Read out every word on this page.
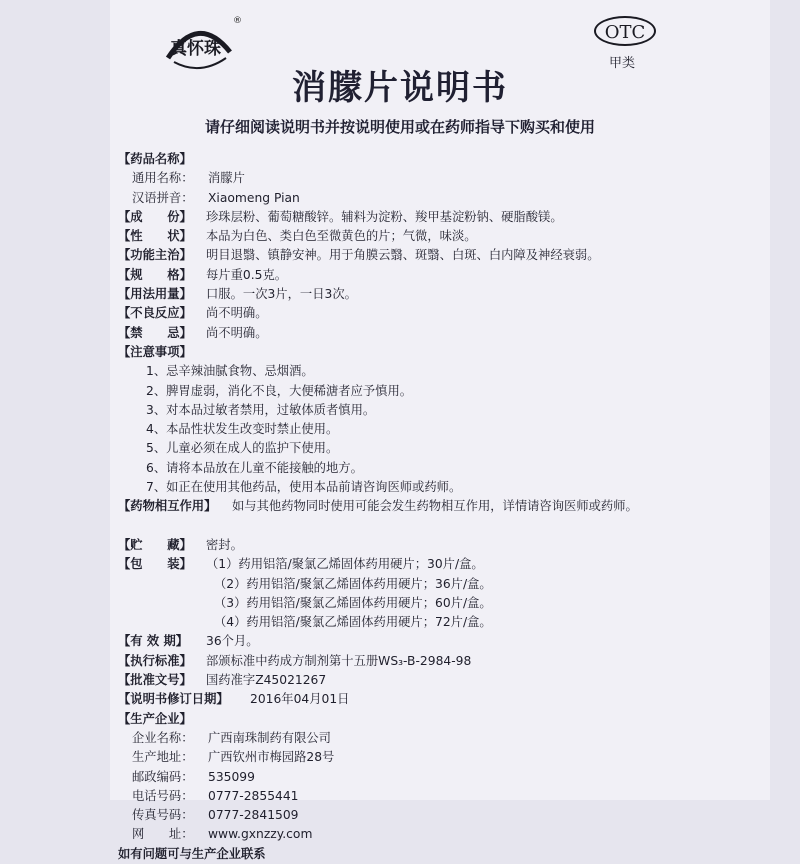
真怀珠
®
OTC
甲类
消朦片说明书
请仔细阅读说明书并按说明使用或在药师指导下购买和使用
【药品名称】
通用名称： 消朦片
汉语拼音： Xiaomeng Pian
【成　　份】 珍珠层粉、葡萄糖酸锌。辅料为淀粉、羧甲基淀粉钠、硬脂酸镁。
【性　　状】 本品为白色、类白色至微黄色的片；气微，味淡。
【功能主治】 明目退翳、镇静安神。用于角膜云翳、斑翳、白斑、白内障及神经衰弱。
【规　　格】 每片重0.5克。
【用法用量】 口服。一次3片，一日3次。
【不良反应】 尚不明确。
【禁　　忌】 尚不明确。
【注意事项】
1、忌辛辣油腻食物、忌烟酒。
2、脾胃虚弱，消化不良，大便稀溏者应予慎用。
3、对本品过敏者禁用，过敏体质者慎用。
4、本品性状发生改变时禁止使用。
5、儿童必须在成人的监护下使用。
6、请将本品放在儿童不能接触的地方。
7、如正在使用其他药品，使用本品前请咨询医师或药师。
【药物相互作用】 如与其他药物同时使用可能会发生药物相互作用，详情请咨询医师或药师。
【贮　　藏】 密封。
【包　　装】 （1）药用铝箔/聚氯乙烯固体药用硬片；30片/盒。
（2）药用铝箔/聚氯乙烯固体药用硬片；36片/盒。
（3）药用铝箔/聚氯乙烯固体药用硬片；60片/盒。
（4）药用铝箔/聚氯乙烯固体药用硬片；72片/盒。
【有 效 期】 36个月。
【执行标准】 部颁标准中药成方制剂第十五册WS₃-B-2984-98
【批准文号】 国药准字Z45021267
【说明书修订日期】 2016年04月01日
【生产企业】
企业名称： 广西南珠制药有限公司
生产地址： 广西钦州市梅园路28号
邮政编码： 535099
电话号码： 0777-2855441
传真号码： 0777-2841509
网　　址： www.gxnzzy.com
如有问题可与生产企业联系
